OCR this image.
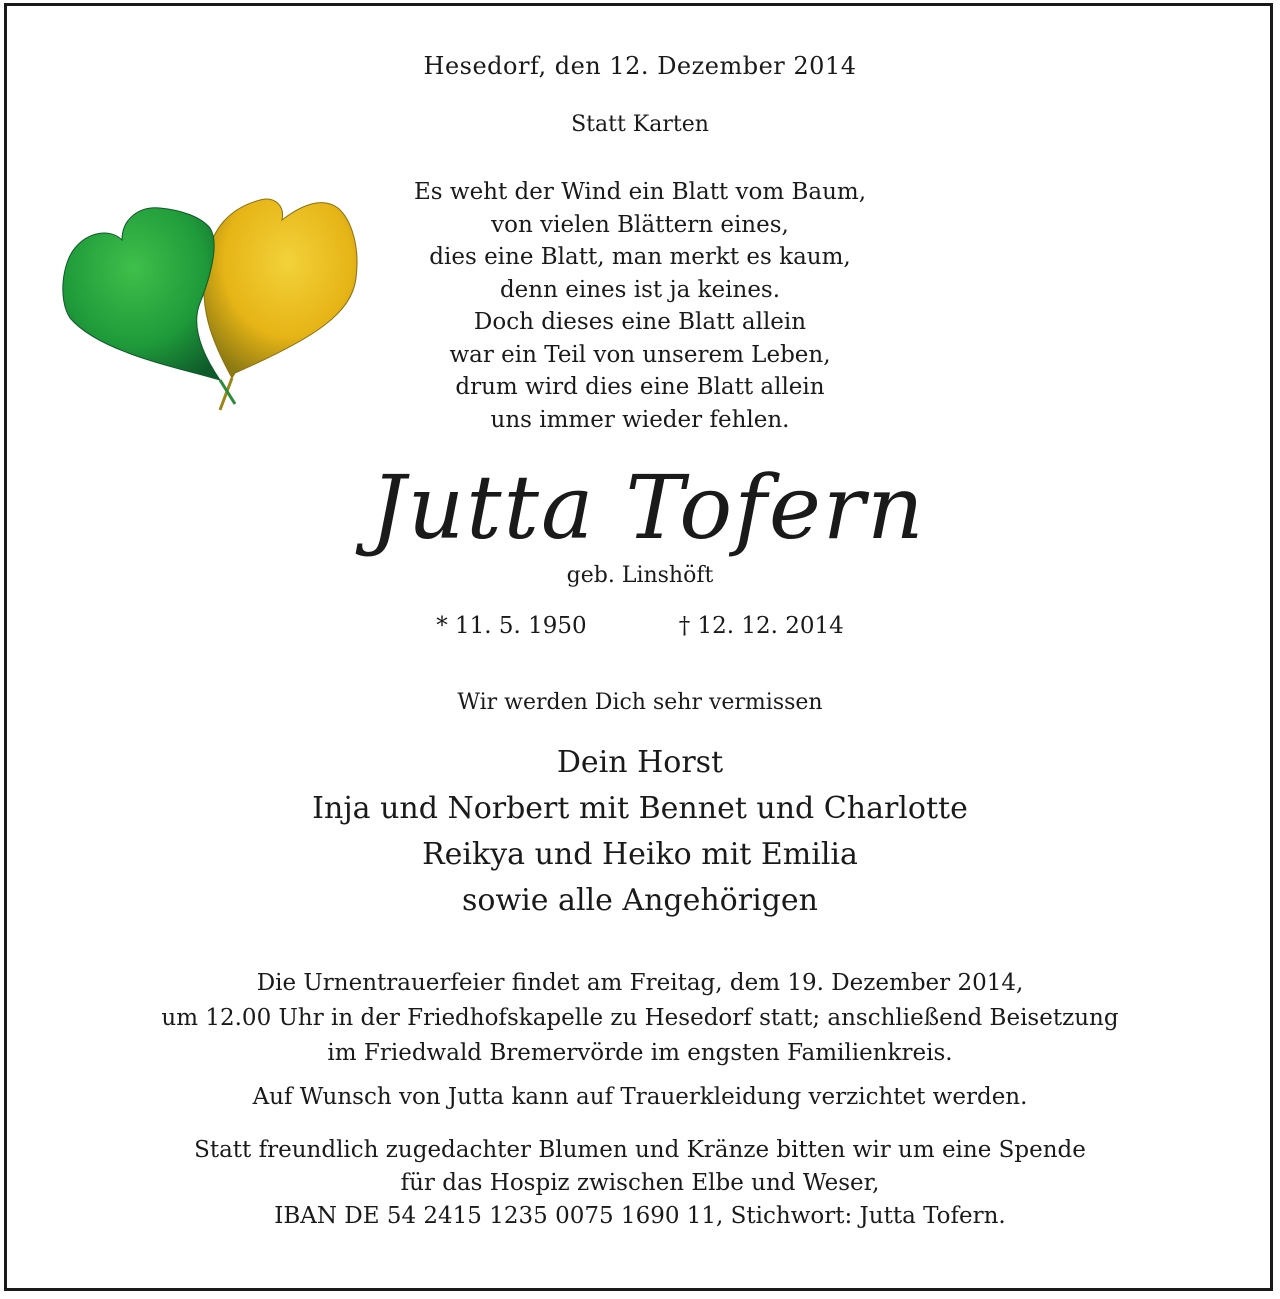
Hesedorf, den 12. Dezember 2014

Statt Karten

Es weht der Wind ein Blatt vom Baum,
von vielen Blättern eines,
dies eine Blatt, man merkt es kaum,
denn eines ist ja keines.
Doch dieses eine Blatt allein
war ein Teil von unserem Leben,
drum wird dies eine Blatt allein
uns immer wieder fehlen.

Jutta Tofern

geb. Linshöft

* 11. 5. 1950	† 12. 12. 2014

Wir werden Dich sehr vermissen

Dein Horst
Inja und Norbert mit Bennet und Charlotte
Reikya und Heiko mit Emilia
sowie alle Angehörigen
Die Urnentrauerfeier findet am Freitag, dem 19. Dezember 2014,
um 12.00 Uhr in der Friedhofskapelle zu Hesedorf statt; anschließend Beisetzung
im Friedwald Bremervörde im engsten Familienkreis.

Auf Wunsch von Jutta kann auf Trauerkleidung verzichtet werden.

Statt freundlich zugedachter Blumen und Kränze bitten wir um eine Spende
für das Hospiz zwischen Elbe und Weser,
IBAN DE 54 2415 1235 0075 1690 11, Stichwort: Jutta Tofern.
